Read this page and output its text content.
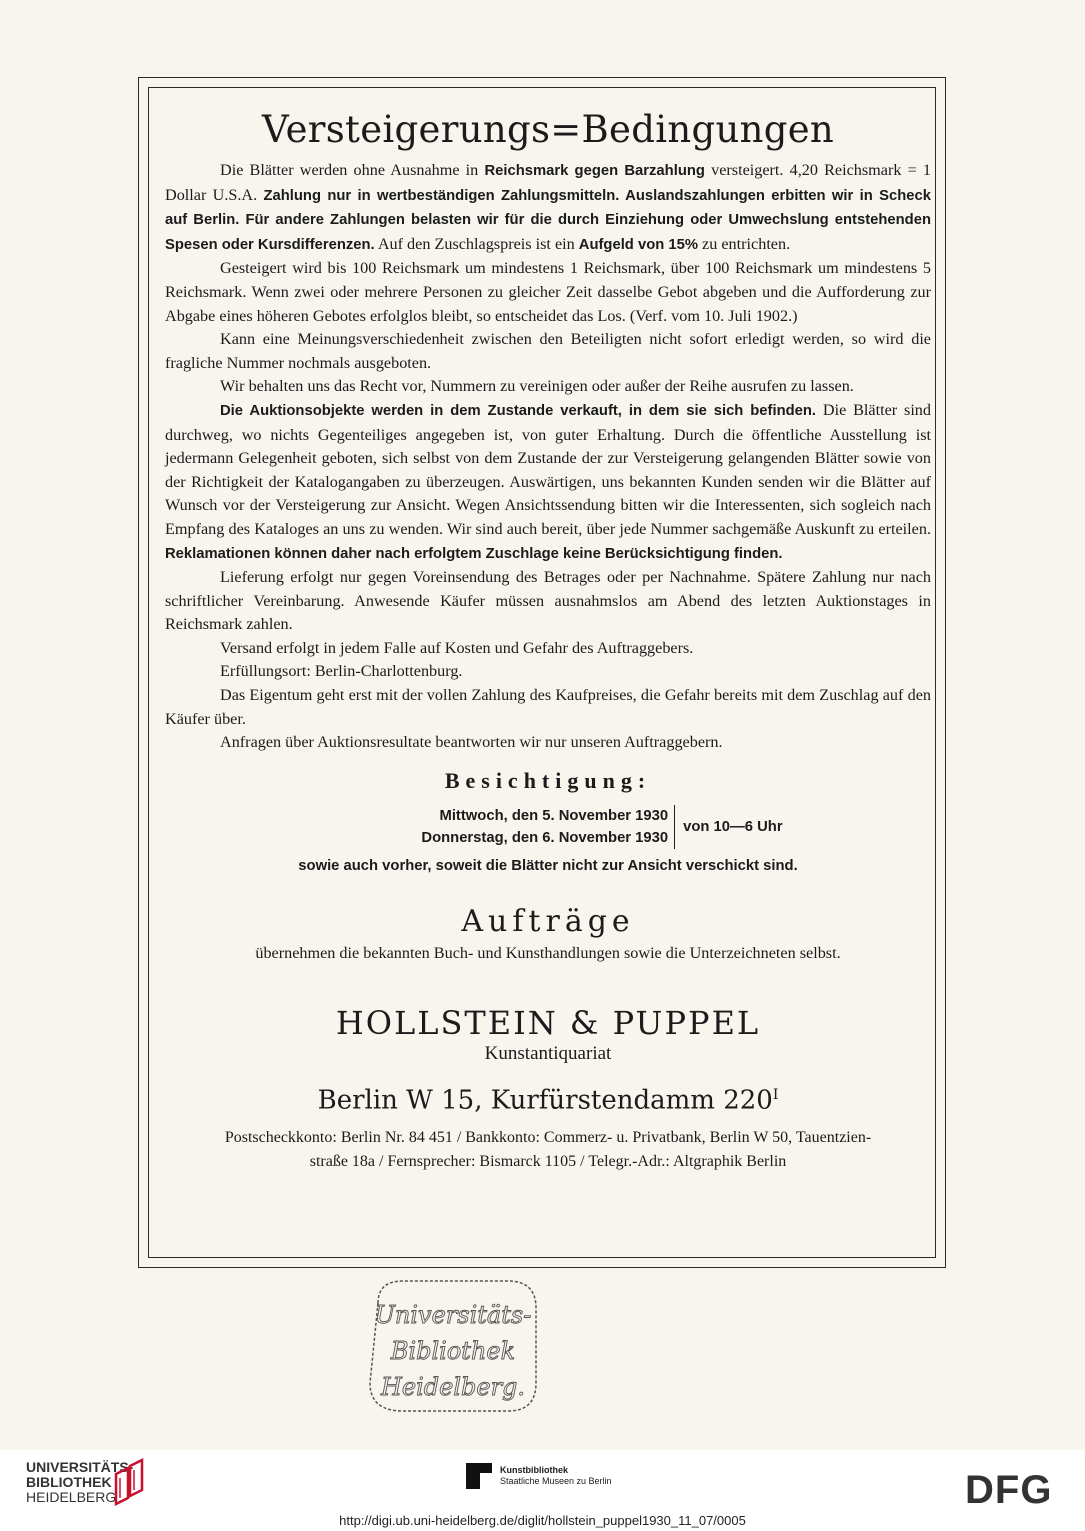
Versteigerungs=Bedingungen

Die Blätter werden ohne Ausnahme in Reichsmark gegen Barzahlung versteigert. 4,20 Reichsmark = 1 Dollar U.S.A. Zahlung nur in wertbeständigen Zahlungsmitteln. Auslandszahlungen erbitten wir in Scheck auf Berlin. Für andere Zahlungen belasten wir für die durch Einziehung oder Umwechslung entstehenden Spesen oder Kursdifferenzen. Auf den Zuschlagspreis ist ein Aufgeld von 15% zu entrichten.

Gesteigert wird bis 100 Reichsmark um mindestens 1 Reichsmark, über 100 Reichsmark um mindestens 5 Reichsmark. Wenn zwei oder mehrere Personen zu gleicher Zeit dasselbe Gebot abgeben und die Aufforderung zur Abgabe eines höheren Gebotes erfolglos bleibt, so entscheidet das Los. (Verf. vom 10. Juli 1902.)

Kann eine Meinungsverschiedenheit zwischen den Beteiligten nicht sofort erledigt werden, so wird die fragliche Nummer nochmals ausgeboten.

Wir behalten uns das Recht vor, Nummern zu vereinigen oder außer der Reihe ausrufen zu lassen.

Die Auktionsobjekte werden in dem Zustande verkauft, in dem sie sich befinden. Die Blätter sind durchweg, wo nichts Gegenteiliges angegeben ist, von guter Erhaltung. Durch die öffentliche Ausstellung ist jedermann Gelegenheit geboten, sich selbst von dem Zustande der zur Versteigerung gelangenden Blätter sowie von der Richtigkeit der Katalogangaben zu überzeugen. Auswärtigen, uns bekannten Kunden senden wir die Blätter auf Wunsch vor der Versteigerung zur Ansicht. Wegen Ansichtssendung bitten wir die Interessenten, sich sogleich nach Empfang des Kataloges an uns zu wenden. Wir sind auch bereit, über jede Nummer sachgemäße Auskunft zu erteilen. Reklamationen können daher nach erfolgtem Zuschlage keine Berücksichtigung finden.

Lieferung erfolgt nur gegen Voreinsendung des Betrages oder per Nachnahme. Spätere Zahlung nur nach schriftlicher Vereinbarung. Anwesende Käufer müssen ausnahmslos am Abend des letzten Auktionstages in Reichsmark zahlen.

Versand erfolgt in jedem Falle auf Kosten und Gefahr des Auftraggebers.

Erfüllungsort: Berlin-Charlottenburg.

Das Eigentum geht erst mit der vollen Zahlung des Kaufpreises, die Gefahr bereits mit dem Zuschlag auf den Käufer über.

Anfragen über Auktionsresultate beantworten wir nur unseren Auftraggebern.

Besichtigung:
Mittwoch, den 5. November 1930
Donnerstag, den 6. November 1930
von 10—6 Uhr
sowie auch vorher, soweit die Blätter nicht zur Ansicht verschickt sind.
Aufträge
übernehmen die bekannten Buch- und Kunsthandlungen sowie die Unterzeichneten selbst.
HOLLSTEIN & PUPPEL
Kunstantiquariat
Berlin W 15, Kurfürstendamm $220^I$
Postscheckkonto: Berlin Nr. 84 451 / Bankkonto: Commerz- u. Privatbank, Berlin W 50, Tauentzien-
straße 18a / Fernsprecher: Bismarck 1105 / Telegr.-Adr.: Altgraphik Berlin
Universitäts-
Bibliothek
Heidelberg.
UNIVERSITÄTS-
BIBLIOTHEK
HEIDELBERG
Kunstbibliothek
Staatliche Museen zu Berlin	DFG
http://digi.ub.uni-heidelberg.de/diglit/hollstein_puppel1930_11_07/0005
